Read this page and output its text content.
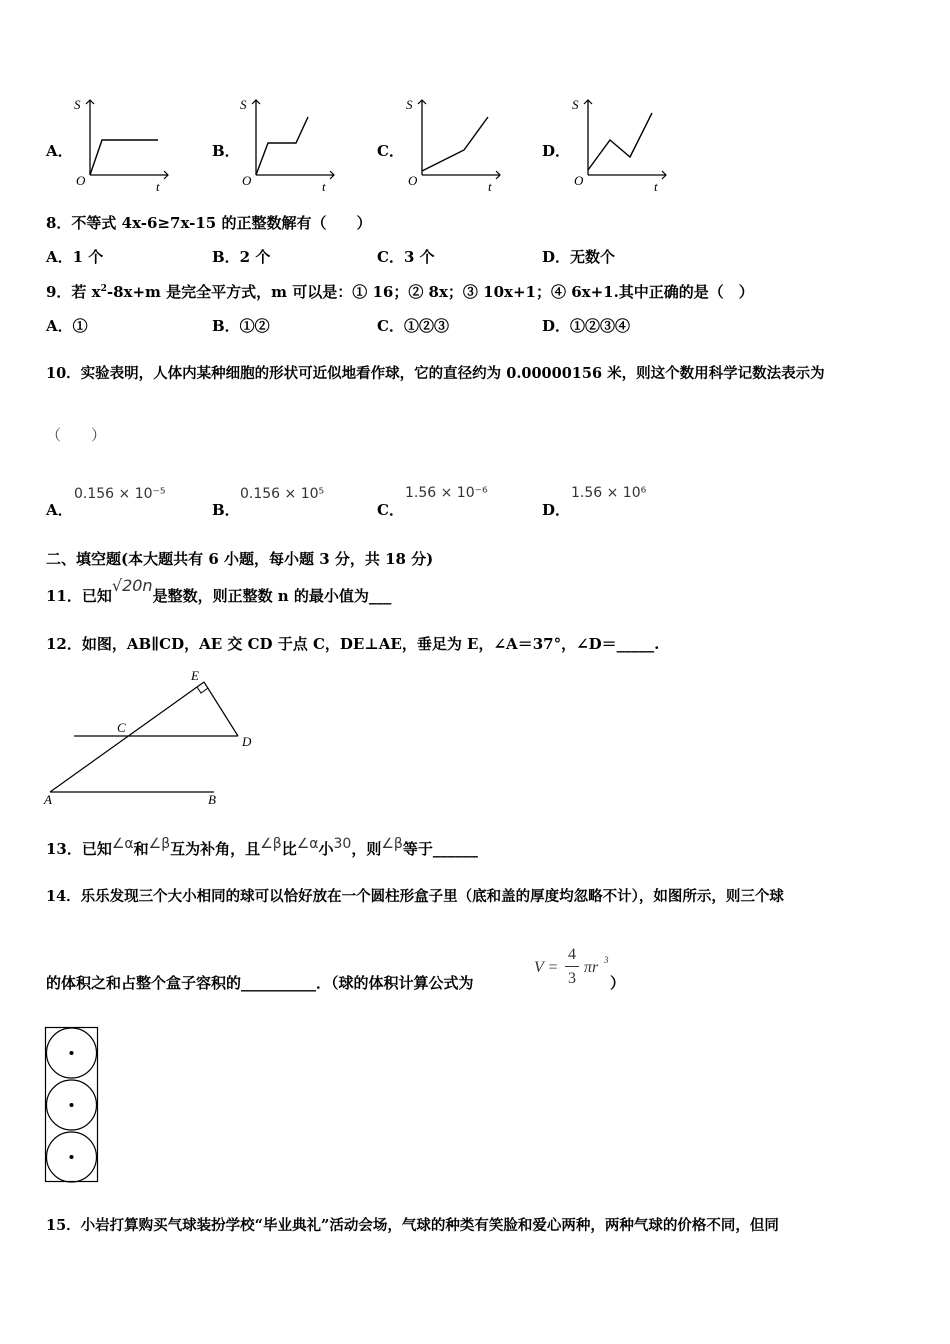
A．
S
O	t
B．
S
O	t
C．
S
O	t
D．
S
O	t
8．不等式 4x-6≥7x-15 的正整数解有（　　）
A．1 个	B．2 个	C．3 个	D．无数个
9．若 $x^2-8x+m$ 是完全平方式，m 可以是：① 16；② 8x；③ 10x+1；④ 6x+1.其中正确的是（　）
A．①	B．①②	C．①②③	D．①②③④
10．实验表明，人体内某种细胞的形状可近似地看作球，它的直径约为 0.00000156 米，则这个数用科学记数法表示为
（　　）
A．
0.156 × 10⁻⁵
B．
0.156 × 10⁵
C．
1.56 × 10⁻⁶
D．
1.56 × 10⁶
二、填空题(本大题共有 6 小题，每小题 3 分，共 18 分)
11．已知√20n是整数，则正整数 n 的最小值为___
12．如图，AB∥CD，AE 交 CD 于点 C，DE⊥AE，垂足为 E，∠A＝37°，∠D＝_____.
E
C
D
A	B
13．已知∠α和∠β互为补角，且∠β比∠α小30，则∠β等于______
14．乐乐发现三个大小相同的球可以恰好放在一个圆柱形盒子里（底和盖的厚度均忽略不计），如图所示，则三个球
的体积之和占整个盒子容积的__________．（球的体积计算公式为
V =
4
3
πr 3
）
15．小岩打算购买气球装扮学校“毕业典礼”活动会场，气球的种类有笑脸和爱心两种，两种气球的价格不同，但同
